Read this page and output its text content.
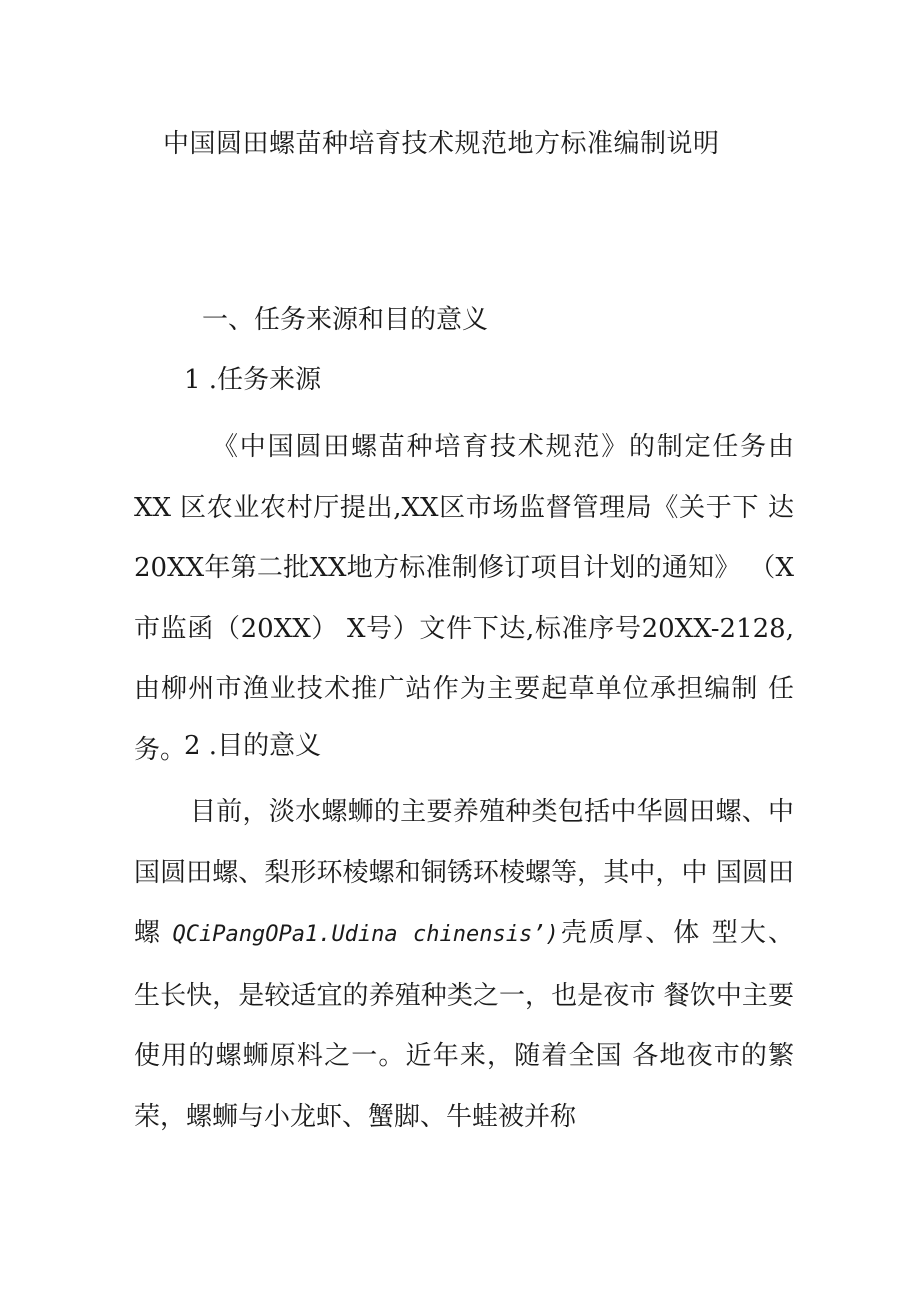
中国圆田螺苗种培育技术规范地方标准编制说明
一、任务来源和目的意义
1 .任务来源
《中国圆田螺苗种培育技术规范》的制定任务由 XX 区农业农村厅提出,XX区市场监督管理局《关于下 达20XX年第二批XX地方标准制修订项目计划的通知》 （X市监函（20XX） X号）文件下达,标准序号20XX-2128, 由柳州市渔业技术推广站作为主要起草单位承担编制 任务。
2 .目的意义
目前，淡水螺蛳的主要养殖种类包括中华圆田螺、中国圆田螺、梨形环棱螺和铜锈环棱螺等，其中，中 国圆田螺 QCiPangOPa1.Udina chinensis’)壳质厚、体 型大、生长快，是较适宜的养殖种类之一，也是夜市 餐饮中主要使用的螺蛳原料之一。近年来，随着全国 各地夜市的繁荣，螺蛳与小龙虾、蟹脚、牛蛙被并称
